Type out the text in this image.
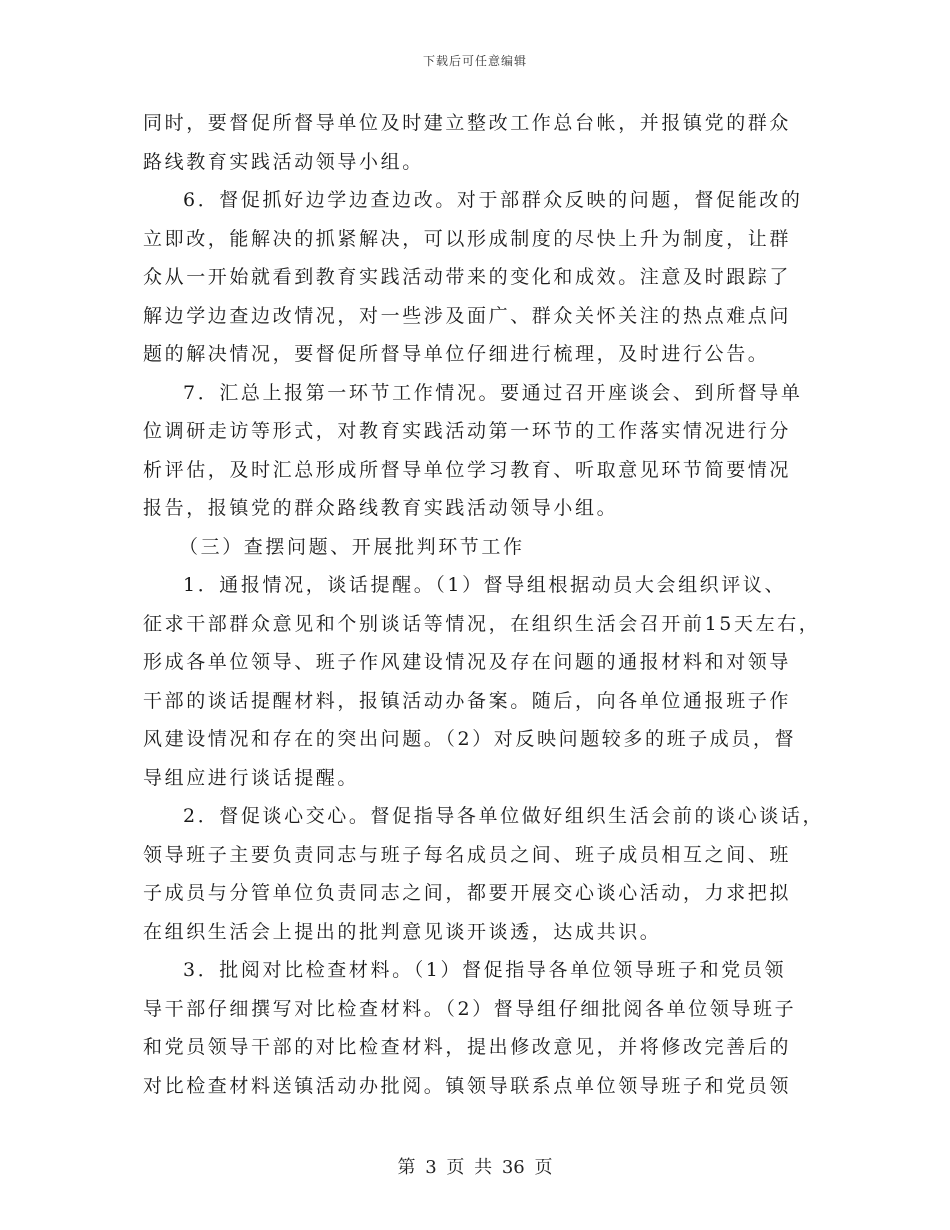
下载后可任意编辑
同时，要督促所督导单位及时建立整改工作总台帐，并报镇党的群众
路线教育实践活动领导小组。
6．督促抓好边学边查边改。对于部群众反映的问题，督促能改的
立即改，能解决的抓紧解决，可以形成制度的尽快上升为制度，让群
众从一开始就看到教育实践活动带来的变化和成效。注意及时跟踪了
解边学边查边改情况，对一些涉及面广、群众关怀关注的热点难点问
题的解决情况，要督促所督导单位仔细进行梳理，及时进行公告。
7．汇总上报第一环节工作情况。要通过召开座谈会、到所督导单
位调研走访等形式，对教育实践活动第一环节的工作落实情况进行分
析评估，及时汇总形成所督导单位学习教育、听取意见环节简要情况
报告，报镇党的群众路线教育实践活动领导小组。
（三）查摆问题、开展批判环节工作
1．通报情况，谈话提醒。（1）督导组根据动员大会组织评议、
征求干部群众意见和个别谈话等情况，在组织生活会召开前15天左右，
形成各单位领导、班子作风建设情况及存在问题的通报材料和对领导
干部的谈话提醒材料，报镇活动办备案。随后，向各单位通报班子作
风建设情况和存在的突出问题。（2）对反映问题较多的班子成员，督
导组应进行谈话提醒。
2．督促谈心交心。督促指导各单位做好组织生活会前的谈心谈话，
领导班子主要负责同志与班子每名成员之间、班子成员相互之间、班
子成员与分管单位负责同志之间，都要开展交心谈心活动，力求把拟
在组织生活会上提出的批判意见谈开谈透，达成共识。
3．批阅对比检查材料。（1）督促指导各单位领导班子和党员领
导干部仔细撰写对比检查材料。（2）督导组仔细批阅各单位领导班子
和党员领导干部的对比检查材料，提出修改意见，并将修改完善后的
对比检查材料送镇活动办批阅。镇领导联系点单位领导班子和党员领
第 3 页 共 36 页
